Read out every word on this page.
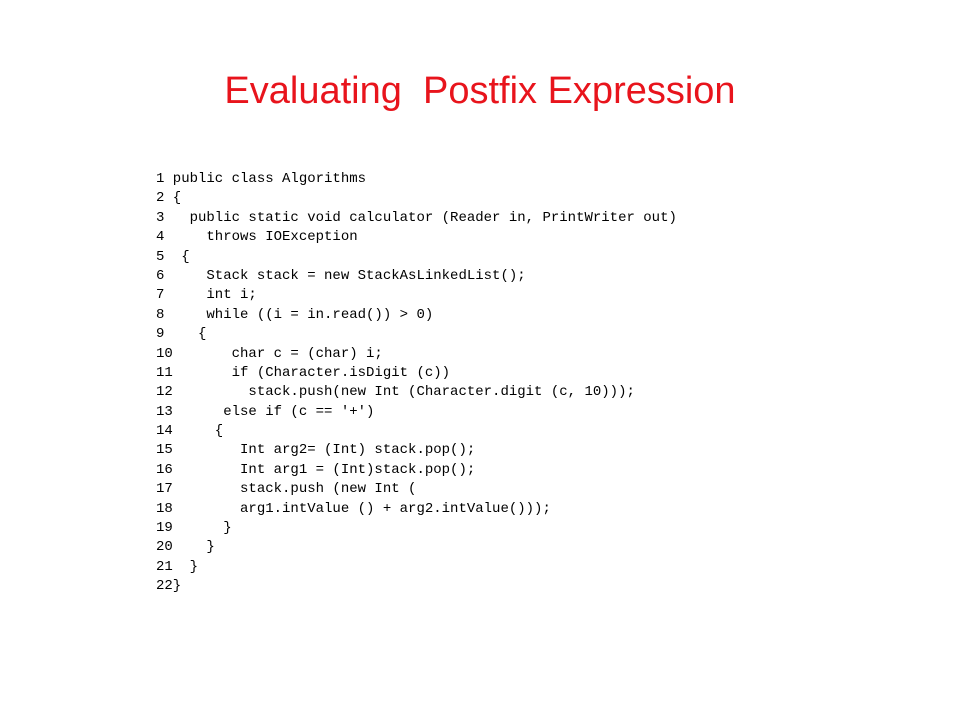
Evaluating  Postfix Expression
1 public class Algorithms
2 {
3   public static void calculator (Reader in, PrintWriter out)
4     throws IOException
5  {
6     Stack stack = new StackAsLinkedList();
7     int i;
8     while ((i = in.read()) > 0)
9    {
10       char c = (char) i;
11       if (Character.isDigit (c))
12         stack.push(new Int (Character.digit (c, 10)));
13      else if (c == '+')
14     {
15        Int arg2= (Int) stack.pop();
16        Int arg1 = (Int)stack.pop();
17        stack.push (new Int (
18        arg1.intValue () + arg2.intValue()));
19      }
20    }
21  }
22}
